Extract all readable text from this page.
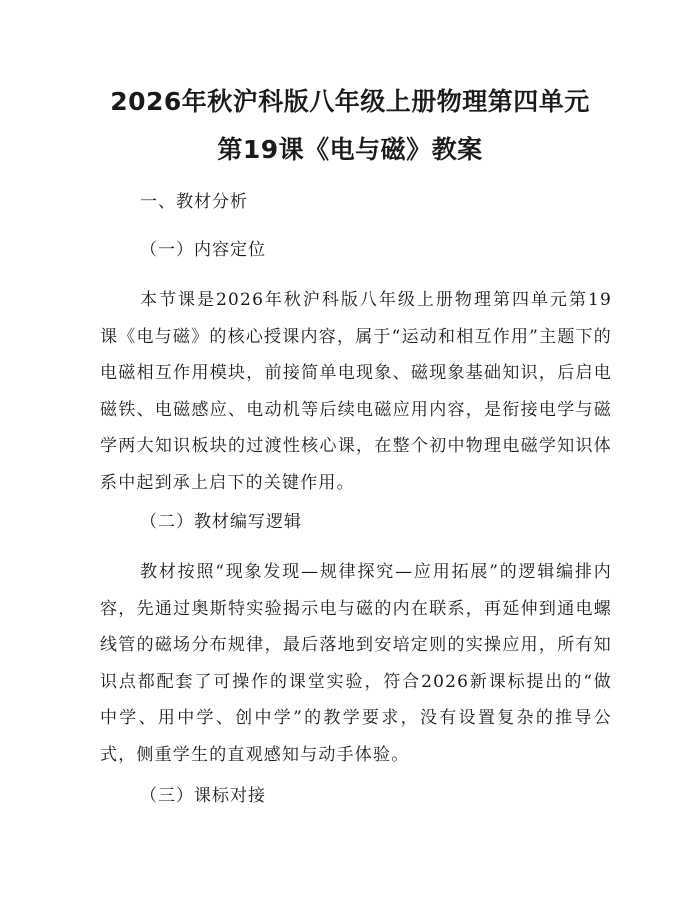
2026年秋沪科版八年级上册物理第四单元第19课《电与磁》教案

一、教材分析

（一）内容定位

本节课是2026年秋沪科版八年级上册物理第四单元第19课《电与磁》的核心授课内容，属于“运动和相互作用”主题下的电磁相互作用模块，前接简单电现象、磁现象基础知识，后启电磁铁、电磁感应、电动机等后续电磁应用内容，是衔接电学与磁学两大知识板块的过渡性核心课，在整个初中物理电磁学知识体系中起到承上启下的关键作用。

（二）教材编写逻辑

教材按照“现象发现—规律探究—应用拓展”的逻辑编排内容，先通过奥斯特实验揭示电与磁的内在联系，再延伸到通电螺线管的磁场分布规律，最后落地到安培定则的实操应用，所有知识点都配套了可操作的课堂实验，符合2026新课标提出的“做中学、用中学、创中学”的教学要求，没有设置复杂的推导公式，侧重学生的直观感知与动手体验。

（三）课标对接
